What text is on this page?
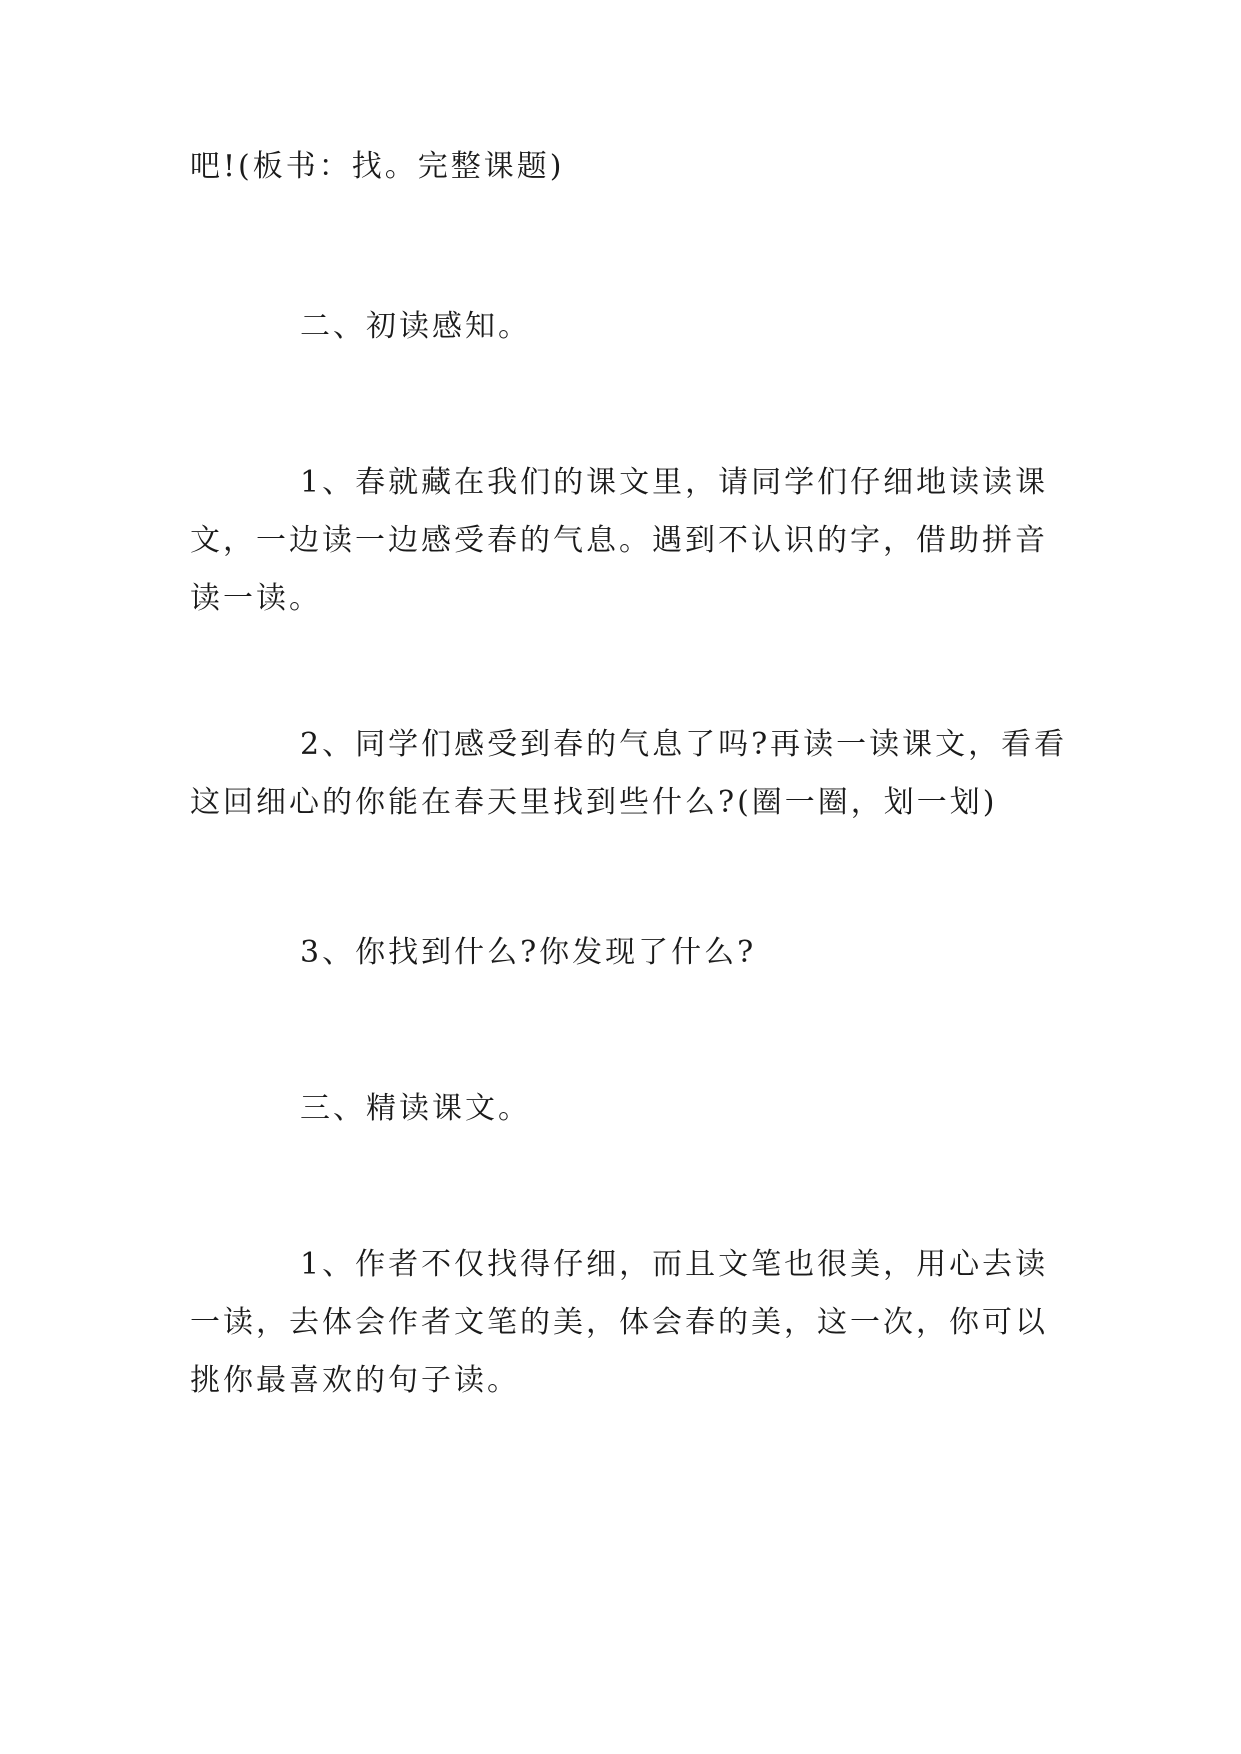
吧!(板书：找。完整课题)

二、初读感知。

1、春就藏在我们的课文里，请同学们仔细地读读课
文，一边读一边感受春的气息。遇到不认识的字，借助拼音
读一读。

2、同学们感受到春的气息了吗?再读一读课文，看看
这回细心的你能在春天里找到些什么?(圈一圈，划一划)

3、你找到什么?你发现了什么?

三、精读课文。

1、作者不仅找得仔细，而且文笔也很美，用心去读
一读，去体会作者文笔的美，体会春的美，这一次，你可以
挑你最喜欢的句子读。
